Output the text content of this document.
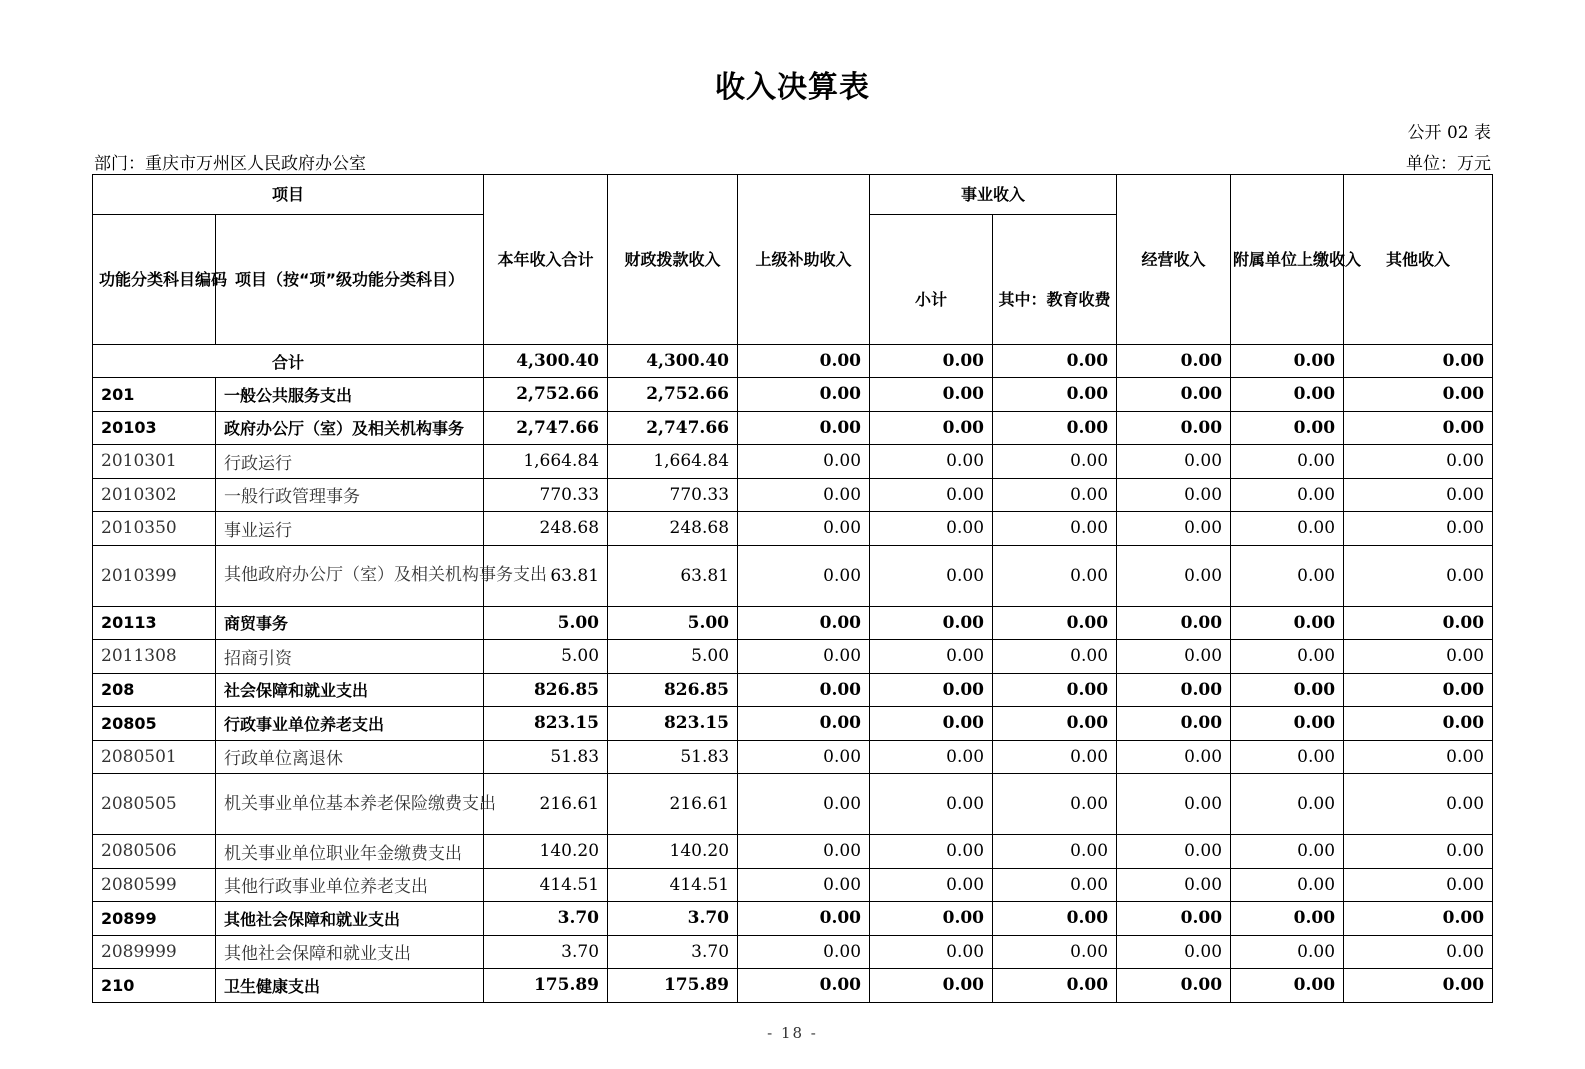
收入决算表
公开 02 表
部门：重庆市万州区人民政府办公室	单位：万元
项目		本年收入合计	财政拨款收入	上级补助收入	事业收入		经营收入	附属单位上缴收入	其他收入
功能分类科目编码	项目（按“项”级功能分类科目）				小计	其中：教育收费			
合计		4,300.40	4,300.40	0.00	0.00	0.00	0.00	0.00	0.00
201	一般公共服务支出	2,752.66	2,752.66	0.00	0.00	0.00	0.00	0.00	0.00
20103	政府办公厅（室）及相关机构事务	2,747.66	2,747.66	0.00	0.00	0.00	0.00	0.00	0.00
2010301	行政运行	1,664.84	1,664.84	0.00	0.00	0.00	0.00	0.00	0.00
2010302	一般行政管理事务	770.33	770.33	0.00	0.00	0.00	0.00	0.00	0.00
2010350	事业运行	248.68	248.68	0.00	0.00	0.00	0.00	0.00	0.00
2010399	其他政府办公厅（室）及相关机构事务支出	63.81	63.81	0.00	0.00	0.00	0.00	0.00	0.00
20113	商贸事务	5.00	5.00	0.00	0.00	0.00	0.00	0.00	0.00
2011308	招商引资	5.00	5.00	0.00	0.00	0.00	0.00	0.00	0.00
208	社会保障和就业支出	826.85	826.85	0.00	0.00	0.00	0.00	0.00	0.00
20805	行政事业单位养老支出	823.15	823.15	0.00	0.00	0.00	0.00	0.00	0.00
2080501	行政单位离退休	51.83	51.83	0.00	0.00	0.00	0.00	0.00	0.00
2080505	机关事业单位基本养老保险缴费支出	216.61	216.61	0.00	0.00	0.00	0.00	0.00	0.00
2080506	机关事业单位职业年金缴费支出	140.20	140.20	0.00	0.00	0.00	0.00	0.00	0.00
2080599	其他行政事业单位养老支出	414.51	414.51	0.00	0.00	0.00	0.00	0.00	0.00
20899	其他社会保障和就业支出	3.70	3.70	0.00	0.00	0.00	0.00	0.00	0.00
2089999	其他社会保障和就业支出	3.70	3.70	0.00	0.00	0.00	0.00	0.00	0.00
210	卫生健康支出	175.89	175.89	0.00	0.00	0.00	0.00	0.00	0.00
- 18 -
